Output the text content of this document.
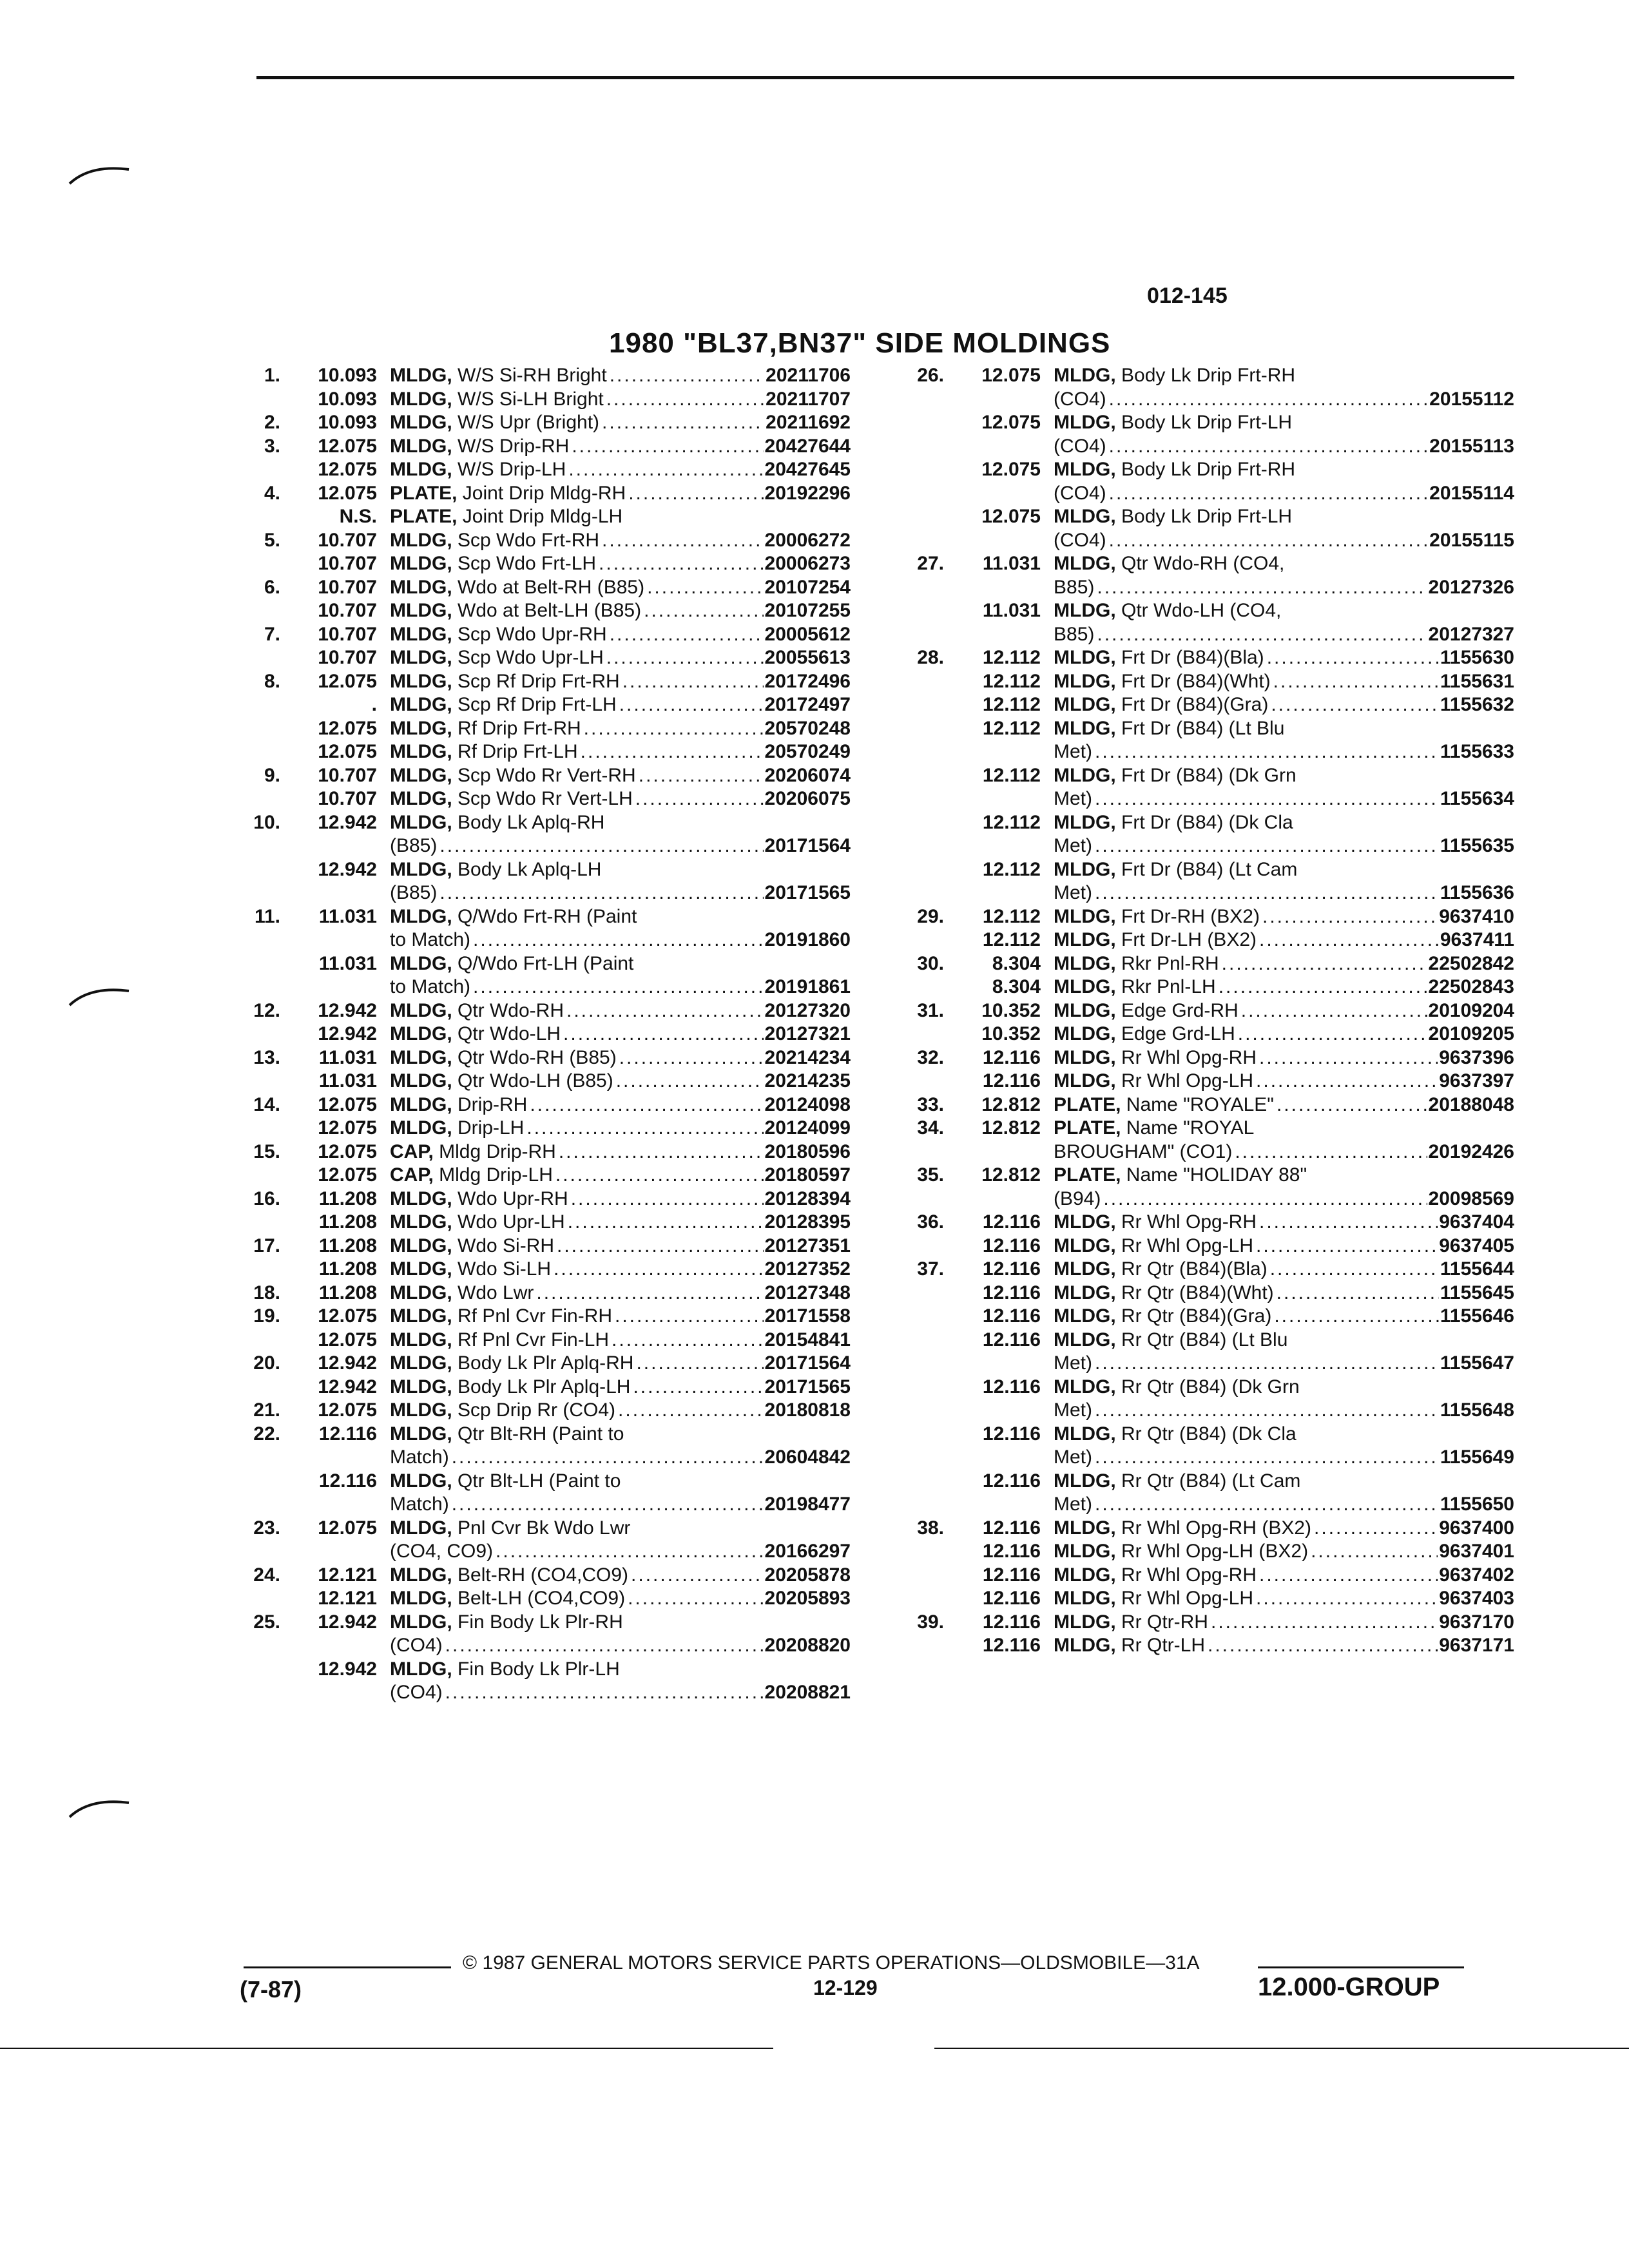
012-145
1980 "BL37,BN37" SIDE MOLDINGS
1.	10.093 MLDG, W/S Si-RH Bright .....	20211706
10.093 MLDG, W/S Si-LH Bright .....	20211707
2.	10.093 MLDG, W/S Upr (Bright) .....	20211692
3.	12.075 MLDG, W/S Drip-RH .....	20427644
12.075 MLDG, W/S Drip-LH .....	20427645
4.	12.075 PLATE, Joint Drip Mldg-RH .....	20192296
N.S. PLATE, Joint Drip Mldg-LH
5.	10.707 MLDG, Scp Wdo Frt-RH .....	20006272
10.707 MLDG, Scp Wdo Frt-LH .....	20006273
6.	10.707 MLDG, Wdo at Belt-RH (B85) .....	20107254
10.707 MLDG, Wdo at Belt-LH (B85) .....	20107255
7.	10.707 MLDG, Scp Wdo Upr-RH .....	20005612
10.707 MLDG, Scp Wdo Upr-LH .....	20055613
8.	12.075 MLDG, Scp Rf Drip Frt-RH .....	20172496
. MLDG, Scp Rf Drip Frt-LH .....	20172497
12.075 MLDG, Rf Drip Frt-RH .....	20570248
12.075 MLDG, Rf Drip Frt-LH .....	20570249
9.	10.707 MLDG, Scp Wdo Rr Vert-RH .....	20206074
10.707 MLDG, Scp Wdo Rr Vert-LH .....	20206075
10.	12.942 MLDG, Body Lk Aplq-RH
(B85) .....	20171564
12.942 MLDG, Body Lk Aplq-LH
(B85) .....	20171565
11.	11.031 MLDG, Q/Wdo Frt-RH (Paint
to Match) .....	20191860
11.031 MLDG, Q/Wdo Frt-LH (Paint
to Match) .....	20191861
12.	12.942 MLDG, Qtr Wdo-RH .....	20127320
12.942 MLDG, Qtr Wdo-LH .....	20127321
13.	11.031 MLDG, Qtr Wdo-RH (B85) .....	20214234
11.031 MLDG, Qtr Wdo-LH (B85) .....	20214235
14.	12.075 MLDG, Drip-RH .....	20124098
12.075 MLDG, Drip-LH .....	20124099
15.	12.075 CAP, Mldg Drip-RH .....	20180596
12.075 CAP, Mldg Drip-LH .....	20180597
16.	11.208 MLDG, Wdo Upr-RH .....	20128394
11.208 MLDG, Wdo Upr-LH .....	20128395
17.	11.208 MLDG, Wdo Si-RH .....	20127351
11.208 MLDG, Wdo Si-LH .....	20127352
18.	11.208 MLDG, Wdo Lwr .....	20127348
19.	12.075 MLDG, Rf Pnl Cvr Fin-RH .....	20171558
12.075 MLDG, Rf Pnl Cvr Fin-LH .....	20154841
20.	12.942 MLDG, Body Lk Plr Aplq-RH .....	20171564
12.942 MLDG, Body Lk Plr Aplq-LH .....	20171565
21.	12.075 MLDG, Scp Drip Rr (CO4) .....	20180818
22.	12.116 MLDG, Qtr Blt-RH (Paint to
Match) .....	20604842
12.116 MLDG, Qtr Blt-LH (Paint to
Match) .....	20198477
23.	12.075 MLDG, Pnl Cvr Bk Wdo Lwr
(CO4, CO9) .....	20166297
24.	12.121 MLDG, Belt-RH (CO4,CO9) .....	20205878
12.121 MLDG, Belt-LH (CO4,CO9) .....	20205893
25.	12.942 MLDG, Fin Body Lk Plr-RH
(CO4) .....	20208820
12.942 MLDG, Fin Body Lk Plr-LH
(CO4) .....	20208821
26.	12.075 MLDG, Body Lk Drip Frt-RH
(CO4) .....	20155112
12.075 MLDG, Body Lk Drip Frt-LH
(CO4) .....	20155113
12.075 MLDG, Body Lk Drip Frt-RH
(CO4) .....	20155114
12.075 MLDG, Body Lk Drip Frt-LH
(CO4) .....	20155115
27.	11.031 MLDG, Qtr Wdo-RH (CO4,
B85) .....	20127326
11.031 MLDG, Qtr Wdo-LH (CO4,
B85) .....	20127327
28.	12.112 MLDG, Frt Dr (B84)(Bla) .....	1155630
12.112 MLDG, Frt Dr (B84)(Wht) .....	1155631
12.112 MLDG, Frt Dr (B84)(Gra) .....	1155632
12.112 MLDG, Frt Dr (B84) (Lt Blu
Met) .....	1155633
12.112 MLDG, Frt Dr (B84) (Dk Grn
Met) .....	1155634
12.112 MLDG, Frt Dr (B84) (Dk Cla
Met) .....	1155635
12.112 MLDG, Frt Dr (B84) (Lt Cam
Met) .....	1155636
29.	12.112 MLDG, Frt Dr-RH (BX2) .....	9637410
12.112 MLDG, Frt Dr-LH (BX2) .....	9637411
30.	8.304 MLDG, Rkr Pnl-RH .....	22502842
8.304 MLDG, Rkr Pnl-LH .....	22502843
31.	10.352 MLDG, Edge Grd-RH .....	20109204
10.352 MLDG, Edge Grd-LH .....	20109205
32.	12.116 MLDG, Rr Whl Opg-RH .....	9637396
12.116 MLDG, Rr Whl Opg-LH .....	9637397
33.	12.812 PLATE, Name "ROYALE" .....	20188048
34.	12.812 PLATE, Name "ROYAL
BROUGHAM" (CO1) .....	20192426
35.	12.812 PLATE, Name "HOLIDAY 88"
(B94) .....	20098569
36.	12.116 MLDG, Rr Whl Opg-RH .....	9637404
12.116 MLDG, Rr Whl Opg-LH .....	9637405
37.	12.116 MLDG, Rr Qtr (B84)(Bla) .....	1155644
12.116 MLDG, Rr Qtr (B84)(Wht) .....	1155645
12.116 MLDG, Rr Qtr (B84)(Gra) .....	1155646
12.116 MLDG, Rr Qtr (B84) (Lt Blu
Met) .....	1155647
12.116 MLDG, Rr Qtr (B84) (Dk Grn
Met) .....	1155648
12.116 MLDG, Rr Qtr (B84) (Dk Cla
Met) .....	1155649
12.116 MLDG, Rr Qtr (B84) (Lt Cam
Met) .....	1155650
38.	12.116 MLDG, Rr Whl Opg-RH (BX2) .....	9637400
12.116 MLDG, Rr Whl Opg-LH (BX2) .....	9637401
12.116 MLDG, Rr Whl Opg-RH .....	9637402
12.116 MLDG, Rr Whl Opg-LH .....	9637403
39.	12.116 MLDG, Rr Qtr-RH .....	9637170
12.116 MLDG, Rr Qtr-LH .....	9637171
© 1987 GENERAL MOTORS SERVICE PARTS OPERATIONS—OLDSMOBILE—31A
(7-87)	12-129	12.000-GROUP
